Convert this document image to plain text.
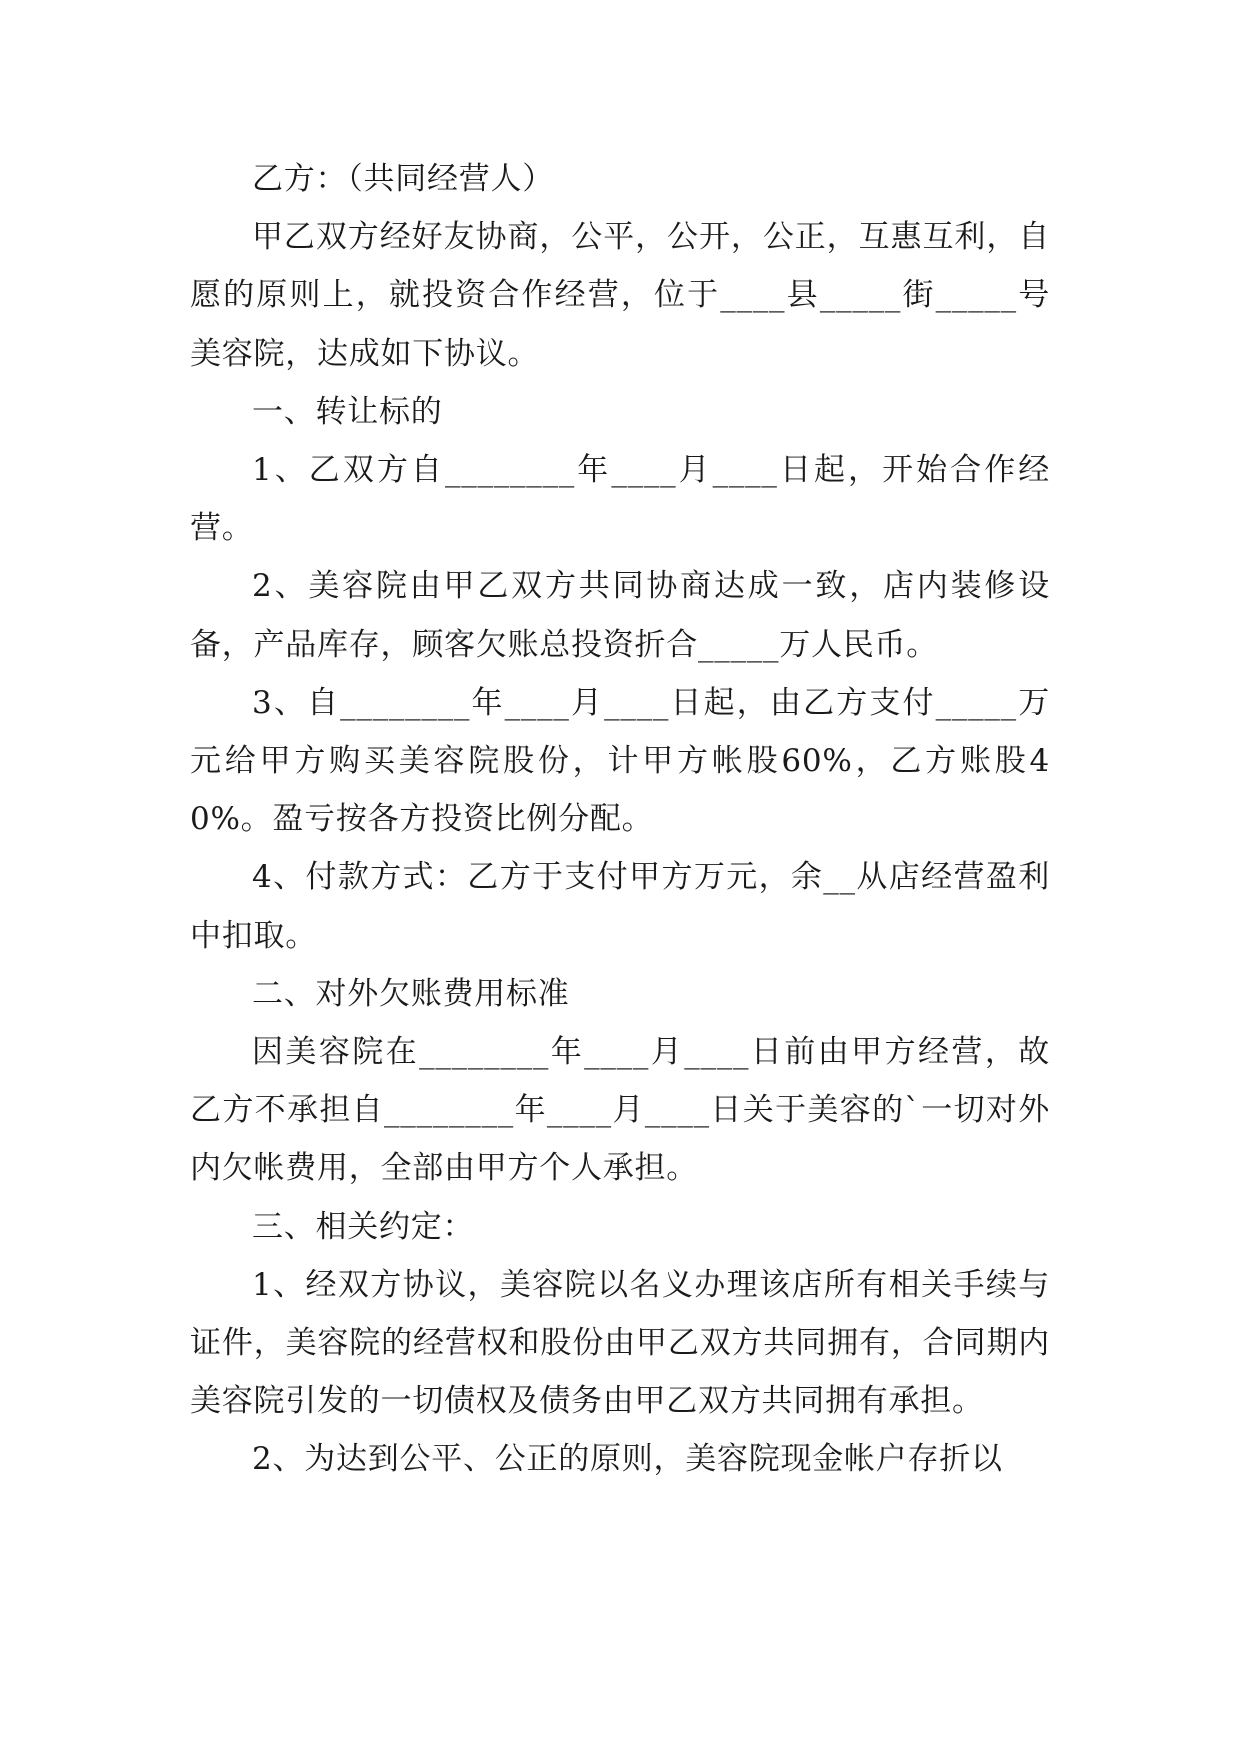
乙方：（共同经营人）

甲乙双方经好友协商，公平，公开，公正，互惠互利，自愿的原则上，就投资合作经营，位于____县_____街_____号美容院，达成如下协议。

一、转让标的

1、乙双方自________年____月____日起，开始合作经营。

2、美容院由甲乙双方共同协商达成一致，店内装修设备，产品库存，顾客欠账总投资折合_____万人民币。

3、自________年____月____日起，由乙方支付_____万元给甲方购买美容院股份，计甲方帐股60%，乙方账股40%。盈亏按各方投资比例分配。

4、付款方式：乙方于支付甲方万元，余__从店经营盈利中扣取。

二、对外欠账费用标准

因美容院在________年____月____日前由甲方经营，故乙方不承担自________年____月____日关于美容的`一切对外内欠帐费用，全部由甲方个人承担。

三、相关约定：

1、经双方协议，美容院以名义办理该店所有相关手续与证件，美容院的经营权和股份由甲乙双方共同拥有，合同期内美容院引发的一切债权及债务由甲乙双方共同拥有承担。

2、为达到公平、公正的原则，美容院现金帐户存折以
